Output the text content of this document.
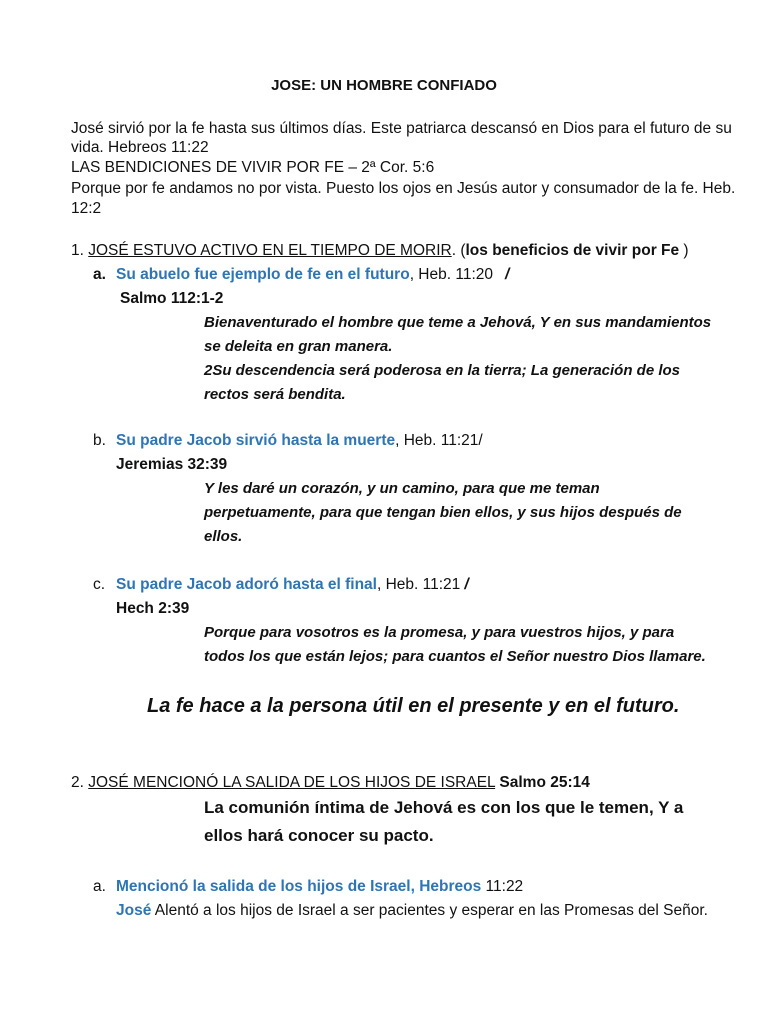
JOSE: UN HOMBRE CONFIADO
José sirvió por la fe hasta sus últimos días. Este patriarca descansó en Dios para el futuro de su
vida. Hebreos 11:22
LAS BENDICIONES DE VIVIR POR FE – 2ª Cor. 5:6
Porque por fe andamos no por vista. Puesto los ojos en Jesús autor y consumador de la fe. Heb.
12:2
1. JOSÉ ESTUVO ACTIVO EN EL TIEMPO DE MORIR. (los beneficios de vivir por Fe )
a. Su abuelo fue ejemplo de fe en el futuro, Heb. 11:20 /
Salmo 112:1-2
Bienaventurado el hombre que teme a Jehová, Y en sus mandamientos
se deleita en gran manera.
2Su descendencia será poderosa en la tierra; La generación de los
rectos será bendita.
b. Su padre Jacob sirvió hasta la muerte, Heb. 11:21/
Jeremias 32:39
Y les daré un corazón, y un camino, para que me teman
perpetuamente, para que tengan bien ellos, y sus hijos después de
ellos.
c. Su padre Jacob adoró hasta el final, Heb. 11:21 /
Hech 2:39
Porque para vosotros es la promesa, y para vuestros hijos, y para
todos los que están lejos; para cuantos el Señor nuestro Dios llamare.
La fe hace a la persona útil en el presente y en el futuro.
2. JOSÉ MENCIONÓ LA SALIDA DE LOS HIJOS DE ISRAEL Salmo 25:14
La comunión íntima de Jehová es con los que le temen, Y a
ellos hará conocer su pacto.
a. Mencionó la salida de los hijos de Israel, Hebreos 11:22
José Alentó a los hijos de Israel a ser pacientes y esperar en las Promesas del Señor.
